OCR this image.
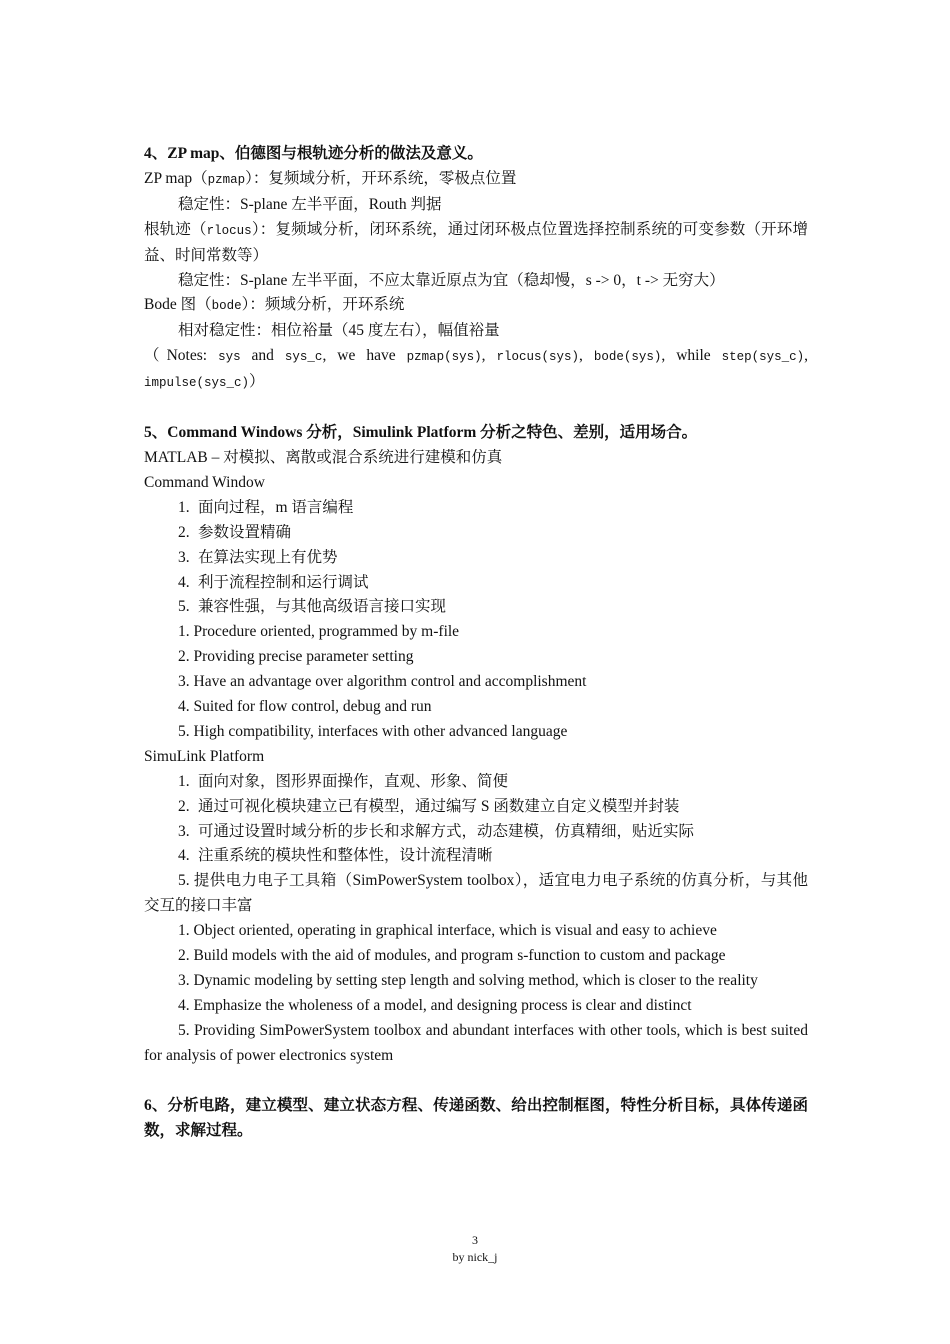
4、ZP map、伯德图与根轨迹分析的做法及意义。
ZP map（pzmap）：复频域分析，开环系统，零极点位置
稳定性：S-plane 左半平面，Routh 判据
根轨迹（rlocus）：复频域分析，闭环系统，通过闭环极点位置选择控制系统的可变参数（开环增益、时间常数等）
稳定性：S-plane 左半平面，不应太靠近原点为宜（稳却慢，s -> 0，t -> 无穷大）
Bode 图（bode）：频域分析，开环系统
相对稳定性：相位裕量（45 度左右），幅值裕量
（Notes: sys and sys_c, we have pzmap(sys), rlocus(sys), bode(sys), while step(sys_c), impulse(sys_c)）
5、Command Windows 分析，Simulink Platform 分析之特色、差别，适用场合。
MATLAB – 对模拟、离散或混合系统进行建模和仿真
Command Window
1. 面向过程，m 语言编程
2. 参数设置精确
3. 在算法实现上有优势
4. 利于流程控制和运行调试
5. 兼容性强，与其他高级语言接口实现
1. Procedure oriented, programmed by m-file
2. Providing precise parameter setting
3. Have an advantage over algorithm control and accomplishment
4. Suited for flow control, debug and run
5. High compatibility, interfaces with other advanced language
SimuLink Platform
1. 面向对象，图形界面操作，直观、形象、简便
2. 通过可视化模块建立已有模型，通过编写 S 函数建立自定义模型并封装
3. 可通过设置时域分析的步长和求解方式，动态建模，仿真精细，贴近实际
4. 注重系统的模块性和整体性，设计流程清晰
5. 提供电力电子工具箱（SimPowerSystem toolbox），适宜电力电子系统的仿真分析，与其他交互的接口丰富
1. Object oriented, operating in graphical interface, which is visual and easy to achieve
2. Build models with the aid of modules, and program s-function to custom and package
3. Dynamic modeling by setting step length and solving method, which is closer to the reality
4. Emphasize the wholeness of a model, and designing process is clear and distinct
5. Providing SimPowerSystem toolbox and abundant interfaces with other tools, which is best suited for analysis of power electronics system
6、分析电路，建立模型、建立状态方程、传递函数、给出控制框图，特性分析目标，具体传递函数，求解过程。
3
by nick_j
